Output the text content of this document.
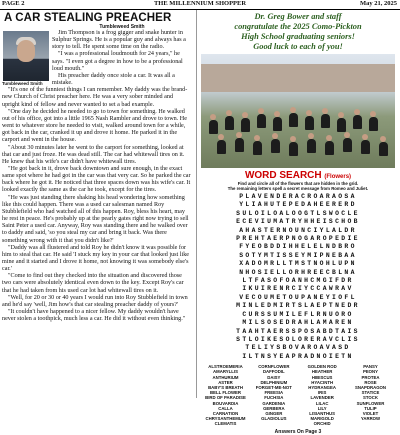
PAGE 2	THE MILLENNIUM SHOPPER	May 21, 2025
A CAR STEALING PREACHER
Tumbleweed Smith

Jim Thompson is a frog gigger and snake hunter in Sulphur Springs. He is a popular guy and always has a story to tell. He spent some time on the radio.

"I was a professional loudmouth for 24 years," he says. "I even got a degree in how to be a professional loud mouth."

His preacher daddy once stole a car. It was all a mistake.

Tumbleweed Smith

"It's one of the funniest things I can remember. My daddy was the brand-new Church of Christ preacher here. He was a very sober minded and upright kind of fellow and never wanted to set a bad example.

"One day he decided he needed to go to town for something. He walked out of his office, got into a little 1965 Nash Rambler and drove to town. He went to whatever store he needed to visit, walked around town for a while, got back in the car, cranked it up and drove it home. He parked it in the carport and went in the house.

"About 30 minutes later he went to the carport for something, looked at that car and just froze. He was dead still. The car had whitewall tires on it. He knew that his wife's car didn't have whitewall tires.

"He got back in it, drove back downtown and sure enough, in the exact same spot where he had got in the car was that very car. So he parked the car back where he got it. He noticed that three spaces down was his wife's car. It looked exactly the same as the car he took, except for the tires.

"He was just standing there shaking his head wondering how something like this could happen. There was a used car salesman named Roy Stubblefield who had watched all of this happen. Roy, bless his heart, may he rest in peace. He's probably up at the pearly gates right now trying to sell Saint Peter a used car. Anyway, Roy was standing there and he walked over to daddy and said, 'so you steal my car and bring it back. Was there something wrong with it that you didn't like?'

"Daddy was all flustered and told Roy he didn't know it was possible for him to steal that car. He said 'I stuck my key in your car that looked just like mine and it started and I drove it home, not knowing it was somebody else's car.'

"Come to find out they checked into the situation and discovered those two cars were absolutely identical even down to the key. Except Roy's car that he had taken from his used car lot had whitewall tires on it.

"Well, for 20 or 30 or 40 years I would run into Roy Stubblefield in town and he'd say 'well, Jim how's that car stealing preacher daddy of yours?'

"It couldn't have happened to a nicer fellow. My daddy wouldn't have never stolen a toothpick, much less a car. He did it without even thinking."

Dr. Greg Bower and staff
congratulate the 2025 Como-Pickton
High School graduating seniors!
Good luck to each of you!
WORD SEARCH (Flowers)
Find and circle all of the flowers that are hidden in the grid.
The remaining letters spell a secret message from Romeo and Juliet.
PLAVENDERACROARAOSA
YLIAHUTEPEDAHEERERD
SULOILOALOOGTLSWOCLE
ECEVIUMATRYHHEISCHOB
AHASTERNOUNCIYLALDR
PREHTAERPNOGAROPEDIE
FYEOBDDIHHELELNDBRO
SOTYMTISSEYMIPNEBAA
XADOMRLLTMSTNOHLUPN
NHOSIELLORHREECBLNA
LTFASOFOANHCMGIFDR
IKUIRENRCIYCCAWRAV
VECOUMETOUPANEYIOFL
MINLEDMIRTSLAEPTNEDR
CURSSUMILEFLRNUORO
MILSOSEDRAHLAMAREN
TAAHTAERSSPOSABDTAIS
STLOIKESOLORERAVCLIS
TELIYSBOVAROAVASD
ILTNSYEAPRADNOIETN
ALSTROEMERIA
AMARYLLIS
ANTHURIUM
ASTER
BABY'S BREATH
BELL FLOWER
BIRD OF PARADISE
BOUVARDIA
CALLA
CARNATION
CHRYSANTHEMUM
CLEMATIS
CORNFLOWER
DAFFODIL
DAISY
DELPHINIUM
FORGET-ME-NOT
FREESIA
FUCHSIA
GARDENIA
GERBERA
GINGER
GLADIOLUS
GOLDEN ROD
HEATHER
HIBISCUS
HYACINTH
HYDRANGEA
IRIS
LAVENDER
LILAC
LILY
LISIANTHUS
MARIGOLD
ORCHID
PANSY
PEONY
PROTEA
ROSE
SNAPDRAGON
STATICE
STOCK
SUNFLOWER
TULIP
VIOLET
YARROW
Answers On Page 3
